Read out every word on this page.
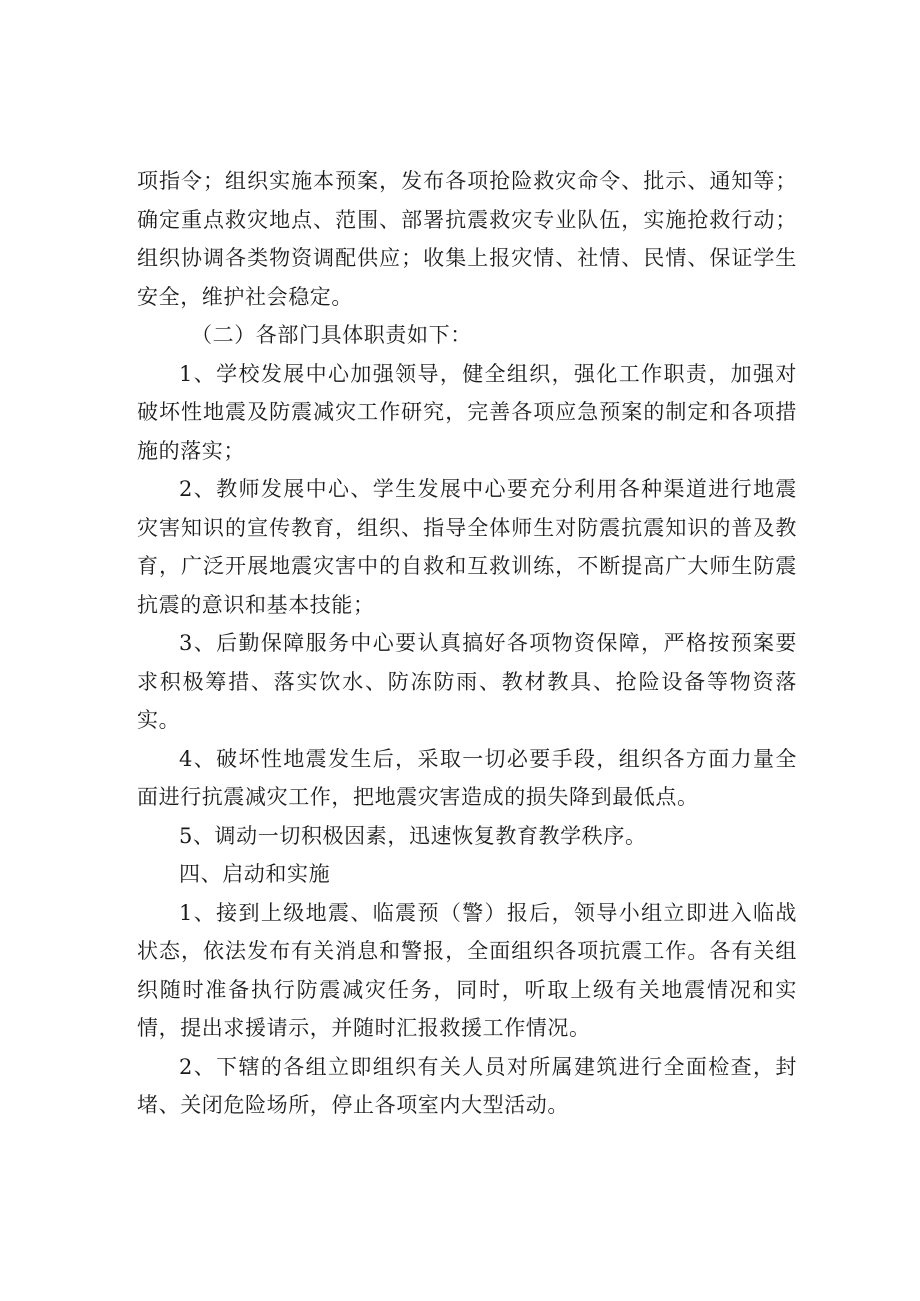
项指令；组织实施本预案，发布各项抢险救灾命令、批示、通知等；确定重点救灾地点、范围、部署抗震救灾专业队伍，实施抢救行动；组织协调各类物资调配供应；收集上报灾情、社情、民情、保证学生安全，维护社会稳定。

（二）各部门具体职责如下：

1、学校发展中心加强领导，健全组织，强化工作职责，加强对破坏性地震及防震减灾工作研究，完善各项应急预案的制定和各项措施的落实；

2、教师发展中心、学生发展中心要充分利用各种渠道进行地震灾害知识的宣传教育，组织、指导全体师生对防震抗震知识的普及教育，广泛开展地震灾害中的自救和互救训练，不断提高广大师生防震抗震的意识和基本技能；

3、后勤保障服务中心要认真搞好各项物资保障，严格按预案要求积极筹措、落实饮水、防冻防雨、教材教具、抢险设备等物资落实。

4、破坏性地震发生后，采取一切必要手段，组织各方面力量全面进行抗震减灾工作，把地震灾害造成的损失降到最低点。

5、调动一切积极因素，迅速恢复教育教学秩序。

四、启动和实施

1、接到上级地震、临震预（警）报后，领导小组立即进入临战状态，依法发布有关消息和警报，全面组织各项抗震工作。各有关组织随时准备执行防震减灾任务，同时，听取上级有关地震情况和实情，提出求援请示，并随时汇报救援工作情况。

2、下辖的各组立即组织有关人员对所属建筑进行全面检查，封堵、关闭危险场所，停止各项室内大型活动。
